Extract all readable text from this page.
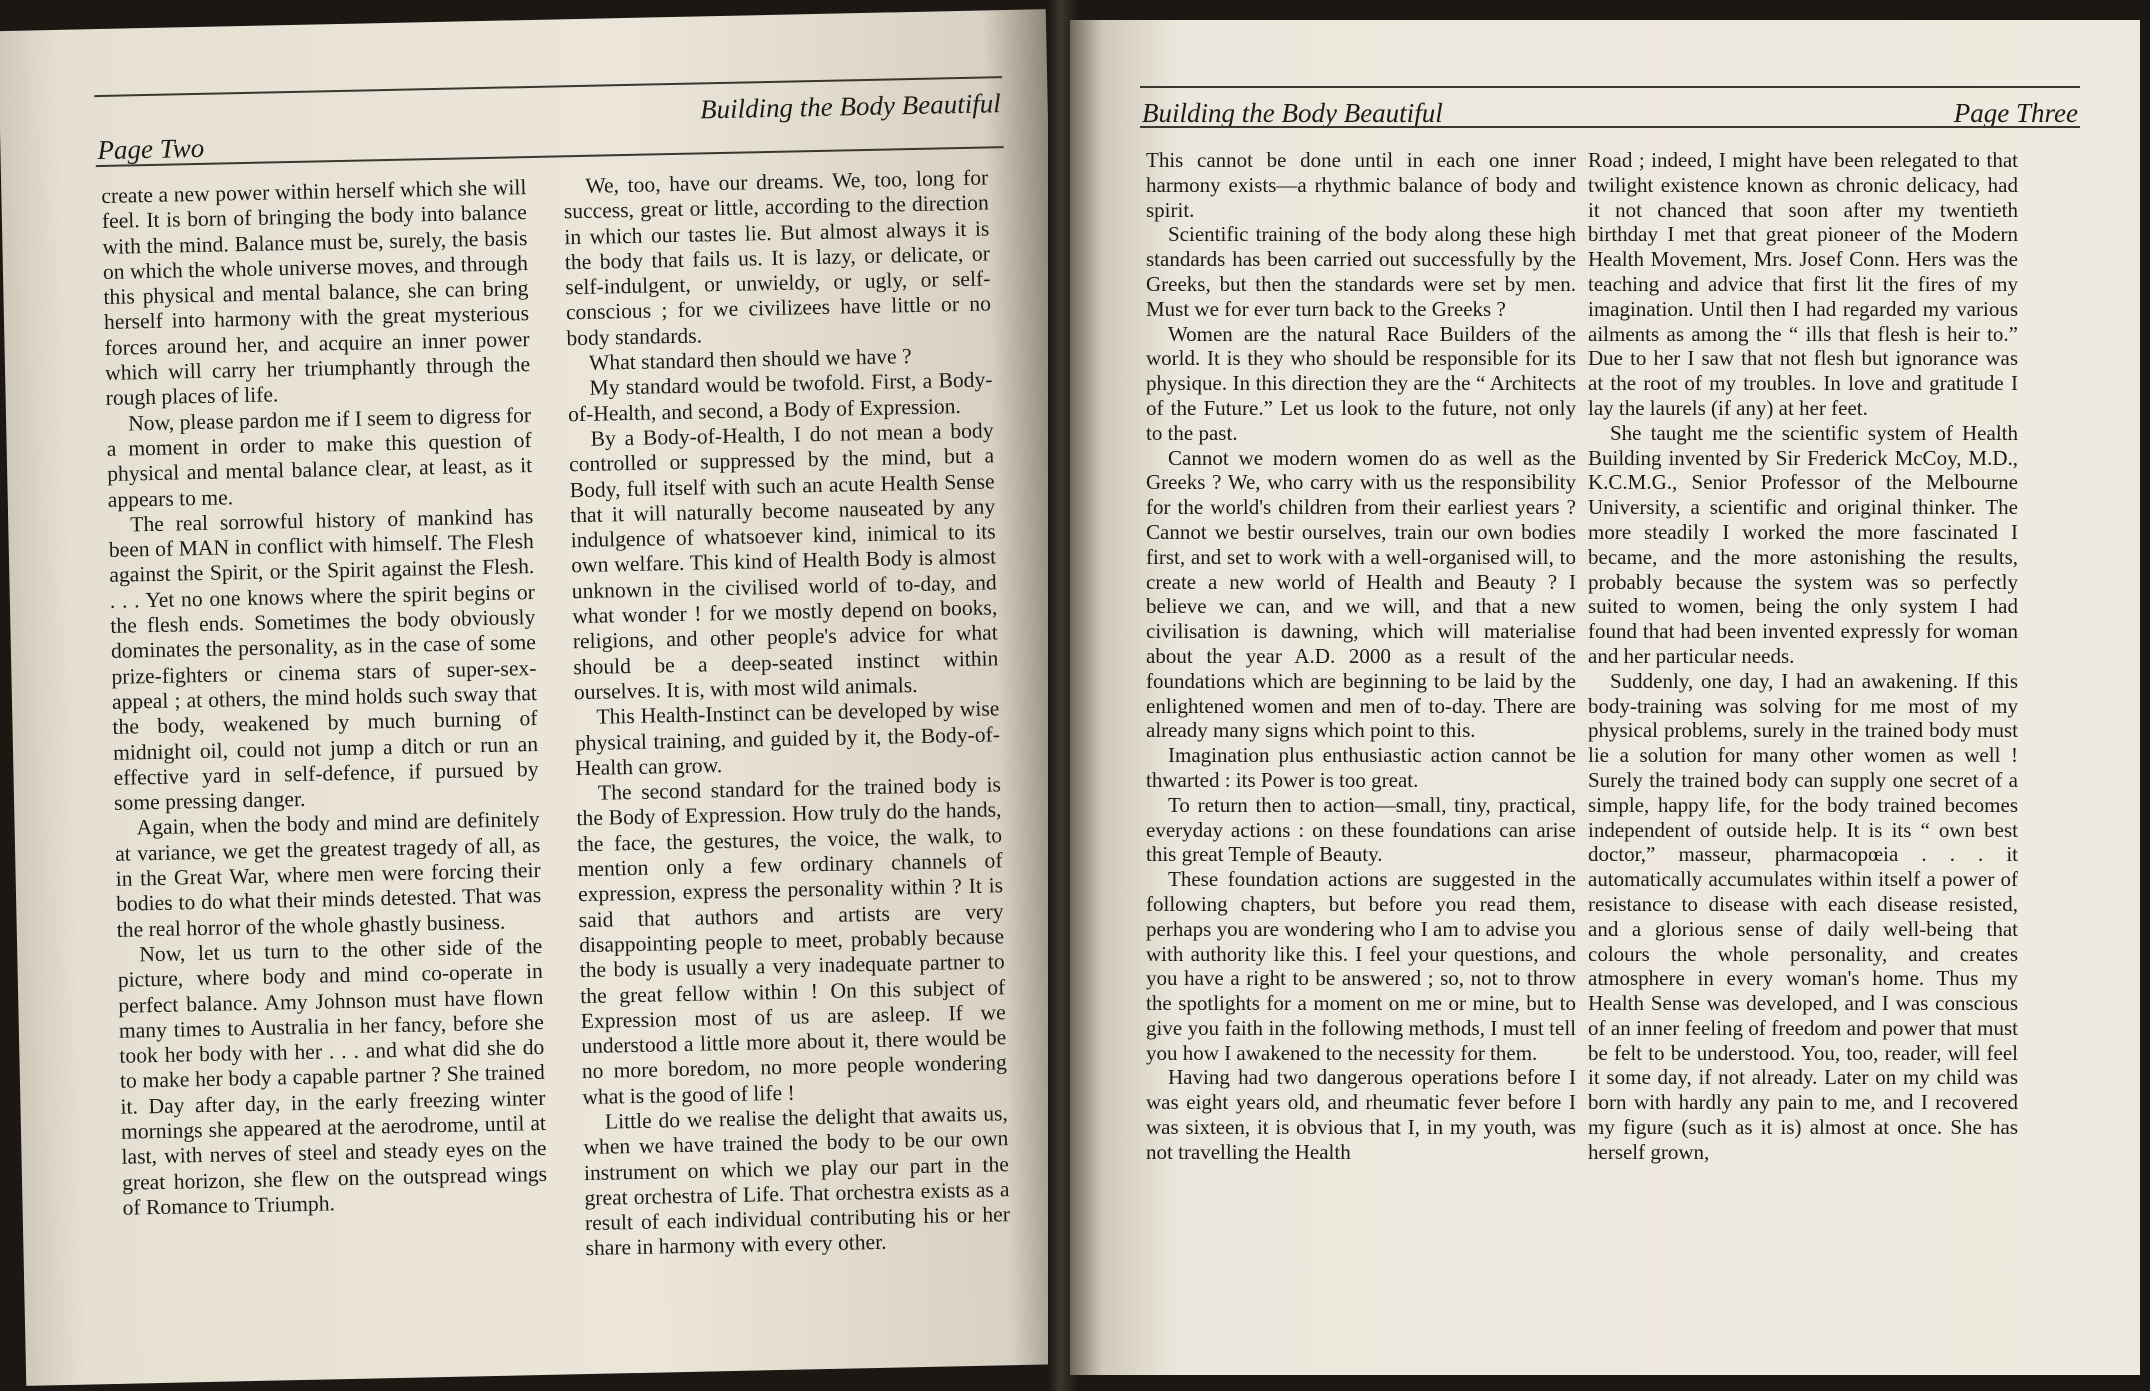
Building the Body Beautiful
Page Two

create a new power within herself which she will feel. It is born of bringing the body into balance with the mind. Balance must be, surely, the basis on which the whole universe moves, and through this physical and mental balance, she can bring herself into harmony with the great mysterious forces around her, and acquire an inner power which will carry her triumphantly through the rough places of life.

Now, please pardon me if I seem to digress for a moment in order to make this question of physical and mental balance clear, at least, as it appears to me.

The real sorrowful history of mankind has been of MAN in conflict with himself. The Flesh against the Spirit, or the Spirit against the Flesh. . . . Yet no one knows where the spirit begins or the flesh ends. Sometimes the body obviously dominates the personality, as in the case of some prize-fighters or cinema stars of super-sex-appeal ; at others, the mind holds such sway that the body, weakened by much burning of midnight oil, could not jump a ditch or run an effective yard in self-defence, if pursued by some pressing danger.

Again, when the body and mind are definitely at variance, we get the greatest tragedy of all, as in the Great War, where men were forcing their bodies to do what their minds detested. That was the real horror of the whole ghastly business.

Now, let us turn to the other side of the picture, where body and mind co-operate in perfect balance. Amy Johnson must have flown many times to Australia in her fancy, before she took her body with her . . . and what did she do to make her body a capable partner ? She trained it. Day after day, in the early freezing winter mornings she appeared at the aerodrome, until at last, with nerves of steel and steady eyes on the great horizon, she flew on the outspread wings of Romance to Triumph.

We, too, have our dreams. We, too, long for success, great or little, according to the direction in which our tastes lie. But almost always it is the body that fails us. It is lazy, or delicate, or self-indulgent, or unwieldy, or ugly, or self-conscious ; for we civilizees have little or no body standards.

What standard then should we have ?

My standard would be twofold. First, a Body-of-Health, and second, a Body of Expression.

By a Body-of-Health, I do not mean a body controlled or suppressed by the mind, but a Body, full itself with such an acute Health Sense that it will naturally become nauseated by any indulgence of whatsoever kind, inimical to its own welfare. This kind of Health Body is almost unknown in the civilised world of to-day, and what wonder ! for we mostly depend on books, religions, and other people's advice for what should be a deep-seated instinct within ourselves. It is, with most wild animals.

This Health-Instinct can be developed by wise physical training, and guided by it, the Body-of-Health can grow.

The second standard for the trained body is the Body of Expression. How truly do the hands, the face, the gestures, the voice, the walk, to mention only a few ordinary channels of expression, express the personality within ? It is said that authors and artists are very disappointing people to meet, probably because the body is usually a very inadequate partner to the great fellow within ! On this subject of Expression most of us are asleep. If we understood a little more about it, there would be no more boredom, no more people wondering what is the good of life !

Little do we realise the delight that awaits us, when we have trained the body to be our own instrument on which we play our part in the great orchestra of Life. That orchestra exists as a result of each individual contributing his or her share in harmony with every other.

Building the Body Beautiful	Page Three

This cannot be done until in each one inner harmony exists—a rhythmic balance of body and spirit.

Scientific training of the body along these high standards has been carried out successfully by the Greeks, but then the standards were set by men. Must we for ever turn back to the Greeks ?

Women are the natural Race Builders of the world. It is they who should be responsible for its physique. In this direction they are the “ Architects of the Future.” Let us look to the future, not only to the past.

Cannot we modern women do as well as the Greeks ? We, who carry with us the responsibility for the world's children from their earliest years ? Cannot we bestir ourselves, train our own bodies first, and set to work with a well-organised will, to create a new world of Health and Beauty ? I believe we can, and we will, and that a new civilisation is dawning, which will materialise about the year A.D. 2000 as a result of the foundations which are beginning to be laid by the enlightened women and men of to-day. There are already many signs which point to this.

Imagination plus enthusiastic action cannot be thwarted : its Power is too great.

To return then to action—small, tiny, practical, everyday actions : on these foundations can arise this great Temple of Beauty.

These foundation actions are suggested in the following chapters, but before you read them, perhaps you are wondering who I am to advise you with authority like this. I feel your questions, and you have a right to be answered ; so, not to throw the spotlights for a moment on me or mine, but to give you faith in the following methods, I must tell you how I awakened to the necessity for them.

Having had two dangerous operations before I was eight years old, and rheumatic fever before I was sixteen, it is obvious that I, in my youth, was not travelling the Health

Road ; indeed, I might have been relegated to that twilight existence known as chronic delicacy, had it not chanced that soon after my twentieth birthday I met that great pioneer of the Modern Health Movement, Mrs. Josef Conn. Hers was the teaching and advice that first lit the fires of my imagination. Until then I had regarded my various ailments as among the “ ills that flesh is heir to.” Due to her I saw that not flesh but ignorance was at the root of my troubles. In love and gratitude I lay the laurels (if any) at her feet.

She taught me the scientific system of Health Building invented by Sir Frederick McCoy, M.D., K.C.M.G., Senior Professor of the Melbourne University, a scientific and original thinker. The more steadily I worked the more fascinated I became, and the more astonishing the results, probably because the system was so perfectly suited to women, being the only system I had found that had been invented expressly for woman and her particular needs.

Suddenly, one day, I had an awakening. If this body-training was solving for me most of my physical problems, surely in the trained body must lie a solution for many other women as well ! Surely the trained body can supply one secret of a simple, happy life, for the body trained becomes independent of outside help. It is its “ own best doctor,” masseur, pharmacopœia . . . it automatically accumulates within itself a power of resistance to disease with each disease resisted, and a glorious sense of daily well-being that colours the whole personality, and creates atmosphere in every woman's home. Thus my Health Sense was developed, and I was conscious of an inner feeling of freedom and power that must be felt to be understood. You, too, reader, will feel it some day, if not already. Later on my child was born with hardly any pain to me, and I recovered my figure (such as it is) almost at once. She has herself grown,
